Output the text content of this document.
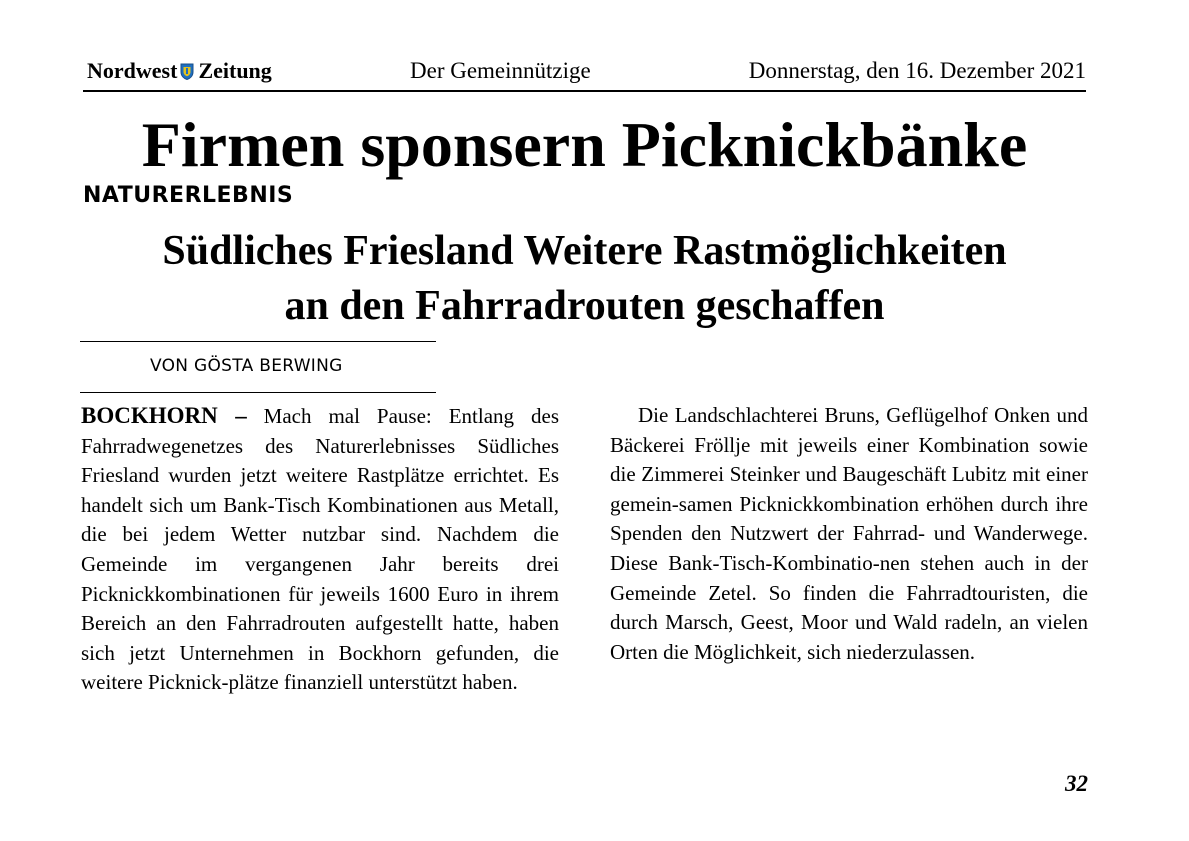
Nordwest Zeitung	Der Gemeinnützige	Donnerstag, den 16. Dezember 2021
Firmen sponsern Picknickbänke
NATURERLEBNIS
Südliches Friesland Weitere Rastmöglichkeiten
an den Fahrradrouten geschaffen
VON GÖSTA BERWING
BOCKHORN – Mach mal Pause: Entlang des Fahrradwegenetzes des Naturerlebnisses Südliches Friesland wurden jetzt weitere Rastplätze errichtet. Es handelt sich um Bank-Tisch Kombinationen aus Metall, die bei jedem Wetter nutzbar sind. Nachdem die Gemeinde im vergangenen Jahr bereits drei Picknickkombinationen für jeweils 1600 Euro in ihrem Bereich an den Fahrradrouten aufgestellt hatte, haben sich jetzt Unternehmen in Bockhorn gefunden, die weitere Picknick-plätze finanziell unterstützt haben.
Die Landschlachterei Bruns, Geflügelhof Onken und Bäckerei Fröllje mit jeweils einer Kombination sowie die Zimmerei Steinker und Baugeschäft Lubitz mit einer gemein-samen Picknickkombination erhöhen durch ihre Spenden den Nutzwert der Fahrrad- und Wanderwege. Diese Bank-Tisch-Kombinatio-nen stehen auch in der Gemeinde Zetel. So finden die Fahrradtouristen, die durch Marsch, Geest, Moor und Wald radeln, an vielen Orten die Möglichkeit, sich niederzulassen.
32
